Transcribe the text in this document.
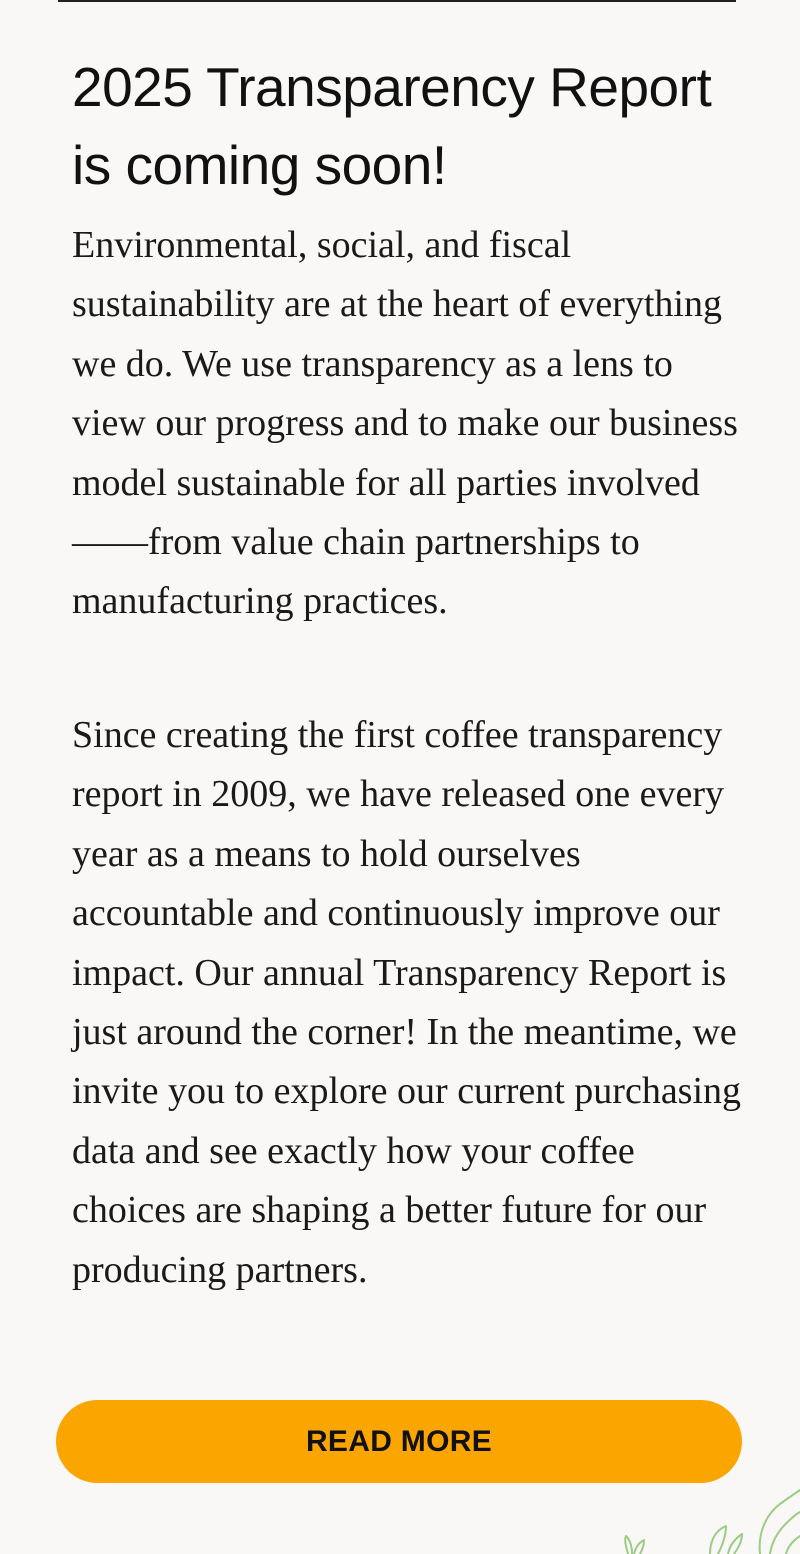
2025 Transparency Report is coming soon!

Environmental, social, and fiscal sustainability are at the heart of everything we do. We use transparency as a lens to view our progress and to make our business model sustainable for all parties involved——from value chain partnerships to manufacturing practices.

Since creating the first coffee transparency report in 2009, we have released one every year as a means to hold ourselves accountable and continuously improve our impact. Our annual Transparency Report is just around the corner! In the meantime, we invite you to explore our current purchasing data and see exactly how your coffee choices are shaping a better future for our producing partners.

READ MORE
